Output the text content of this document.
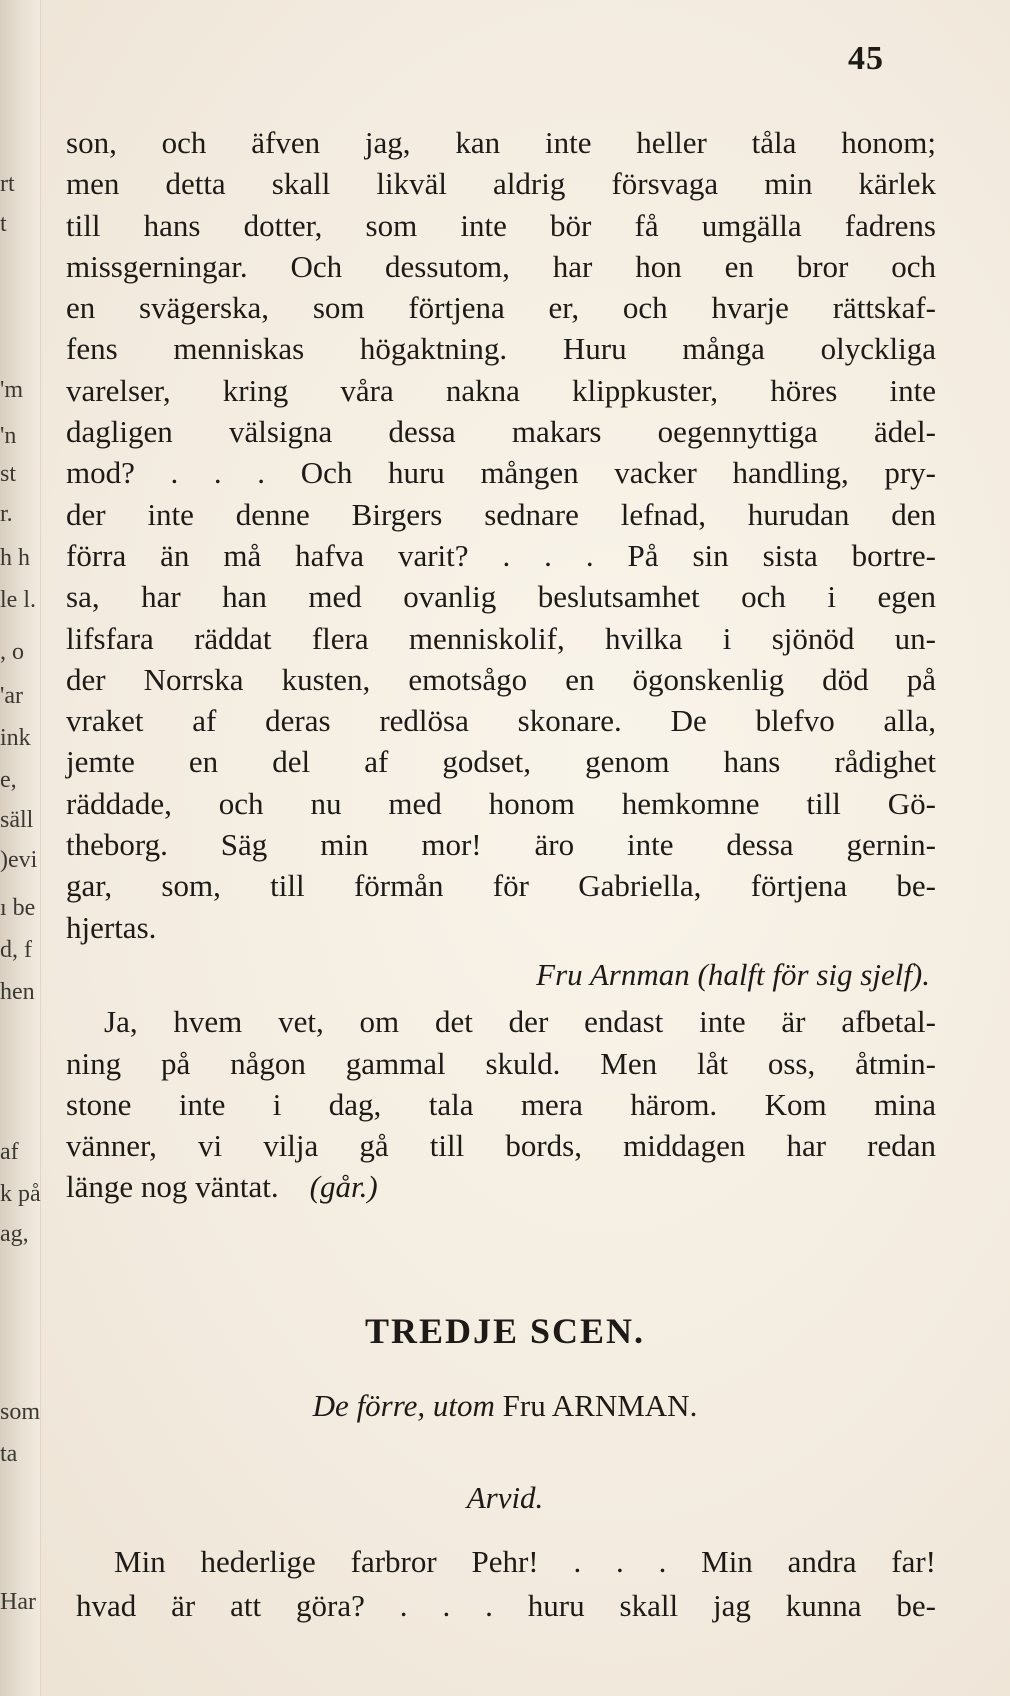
rt
t
'm
'n
st
r.
h h
le l.
, o
'ar
ink
e,
säll
)evi
ı be
d, f
hen
af
k på
ag,
som
ta
Har
45
son, och äfven jag, kan inte heller tåla honom;
men detta skall likväl aldrig försvaga min kärlek
till hans dotter, som inte bör få umgälla fadrens
missgerningar. Och dessutom, har hon en bror och
en svägerska, som förtjena er, och hvarje rättskaf-
fens menniskas högaktning. Huru många olyckliga
varelser, kring våra nakna klippkuster, höres inte
dagligen välsigna dessa makars oegennyttiga ädel-
mod? . . . Och huru mången vacker handling, pry-
der inte denne Birgers sednare lefnad, hurudan den
förra än må hafva varit? . . . På sin sista bortre-
sa, har han med ovanlig beslutsamhet och i egen
lifsfara räddat flera menniskolif, hvilka i sjönöd un-
der Norrska kusten, emotsågo en ögonskenlig död på
vraket af deras redlösa skonare. De blefvo alla,
jemte en del af godset, genom hans rådighet
räddade, och nu med honom hemkomne till Gö-
theborg. Säg min mor! äro inte dessa gernin-
gar, som, till förmån för Gabriella, förtjena be-
hjertas.
Fru Arnman (halft för sig sjelf).
Ja, hvem vet, om det der endast inte är afbetal-
ning på någon gammal skuld. Men låt oss, åtmin-
stone inte i dag, tala mera härom. Kom mina
vänner, vi vilja gå till bords, middagen har redan
länge nog väntat. (går.)
TREDJE SCEN.
De förre, utom Fru ARNMAN.
Arvid.
Min hederlige farbror Pehr! . . . Min andra far!
hvad är att göra? . . . huru skall jag kunna be-
